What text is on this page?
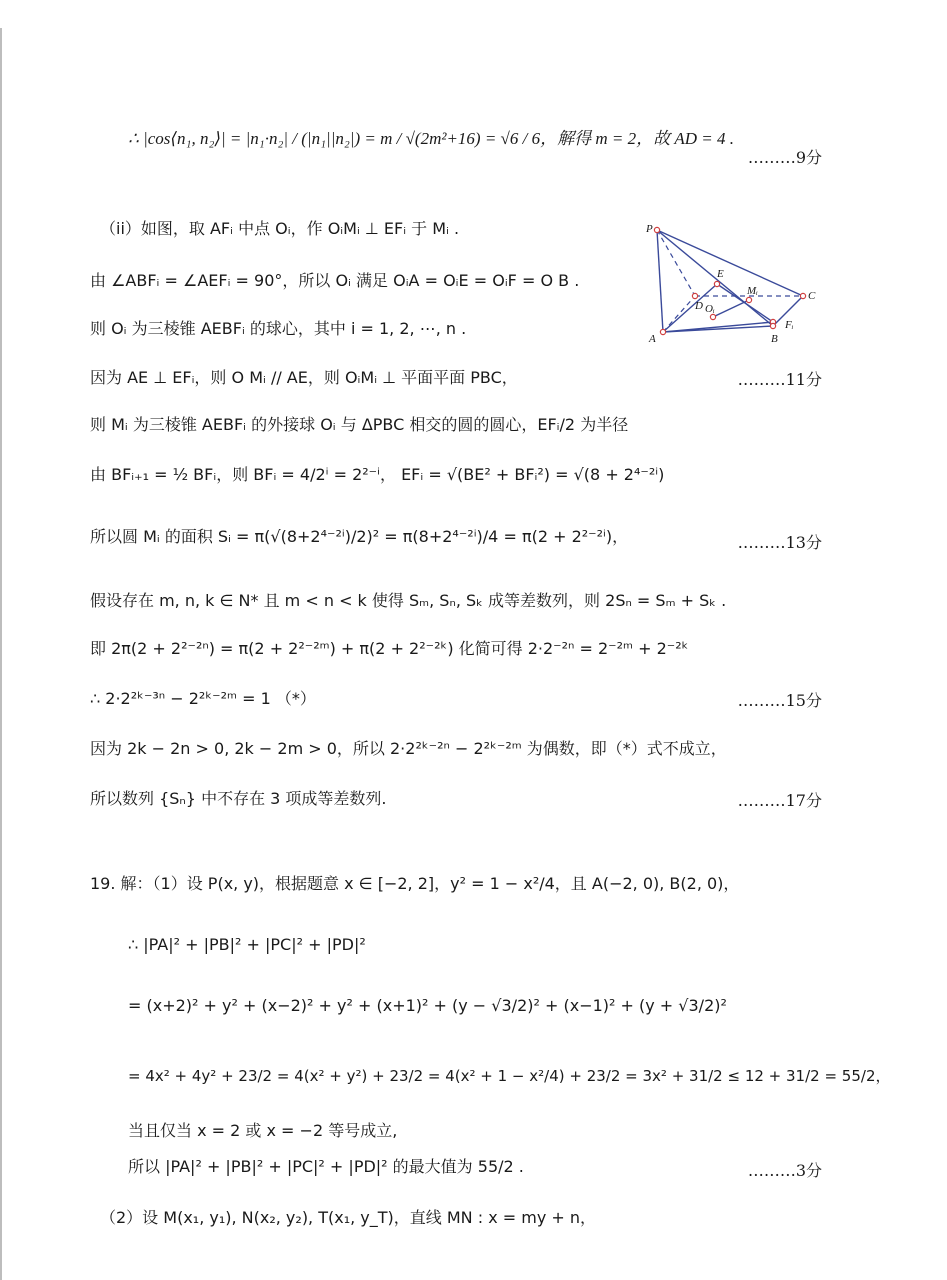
∴ |cos⟨n₁, n₂⟩| = |n₁·n₂| / (|n₁||n₂|) = m / √(2m²+16) = √6 / 6，解得 m = 2，故 AD = 4 .
………9分
（ii）如图，取 AFᵢ 中点 Oᵢ，作 OᵢMᵢ ⊥ EFᵢ 于 Mᵢ .
由 ∠ABFᵢ = ∠AEFᵢ = 90°，所以 Oᵢ 满足 OᵢA = OᵢE = OᵢF = O B .
则 Oᵢ 为三棱锥 AEBFᵢ 的球心，其中 i = 1, 2, ⋯, n .
因为 AE ⊥ EFᵢ，则 O Mᵢ // AE，则 OᵢMᵢ ⊥ 平面平面 PBC，	………11分
则 Mᵢ 为三棱锥 AEBFᵢ 的外接球 Oᵢ 与 ΔPBC 相交的圆的圆心，EFᵢ/2 为半径
由 BFᵢ₊₁ = ½ BFᵢ，则 BFᵢ = 4/2ⁱ = 2²⁻ⁱ， EFᵢ = √(BE² + BFᵢ²) = √(8 + 2⁴⁻²ⁱ)
所以圆 Mᵢ 的面积 Sᵢ = π(√(8+2⁴⁻²ⁱ)/2)² = π(8+2⁴⁻²ⁱ)/4 = π(2 + 2²⁻²ⁱ)，	………13分
假设存在 m, n, k ∈ N* 且 m < n < k 使得 Sₘ, Sₙ, Sₖ 成等差数列，则 2Sₙ = Sₘ + Sₖ .
即 2π(2 + 2²⁻²ⁿ) = π(2 + 2²⁻²ᵐ) + π(2 + 2²⁻²ᵏ) 化简可得 2·2⁻²ⁿ = 2⁻²ᵐ + 2⁻²ᵏ
∴ 2·2²ᵏ⁻³ⁿ − 2²ᵏ⁻²ᵐ = 1 （*）	………15分
因为 2k − 2n > 0, 2k − 2m > 0，所以 2·2²ᵏ⁻²ⁿ − 2²ᵏ⁻²ᵐ 为偶数，即（*）式不成立，
所以数列 {Sₙ} 中不存在 3 项成等差数列.	………17分
19. 解：（1）设 P(x, y)，根据题意 x ∈ [−2, 2]，y² = 1 − x²/4，且 A(−2, 0), B(2, 0)，
∴ |PA|² + |PB|² + |PC|² + |PD|²
= (x+2)² + y² + (x−2)² + y² + (x+1)² + (y − √3/2)² + (x−1)² + (y + √3/2)²
= 4x² + 4y² + 23/2 = 4(x² + y²) + 23/2 = 4(x² + 1 − x²/4) + 23/2 = 3x² + 31/2 ≤ 12 + 31/2 = 55/2，
当且仅当 x = 2 或 x = −2 等号成立,
所以 |PA|² + |PB|² + |PC|² + |PD|² 的最大值为 55/2 .	………3分
（2）设 M(x₁, y₁), N(x₂, y₂), T(x₁, y_T)，直线 MN : x = my + n，
P
E
D
Mᵢ	C
Oᵢ
Fᵢ
A	B
